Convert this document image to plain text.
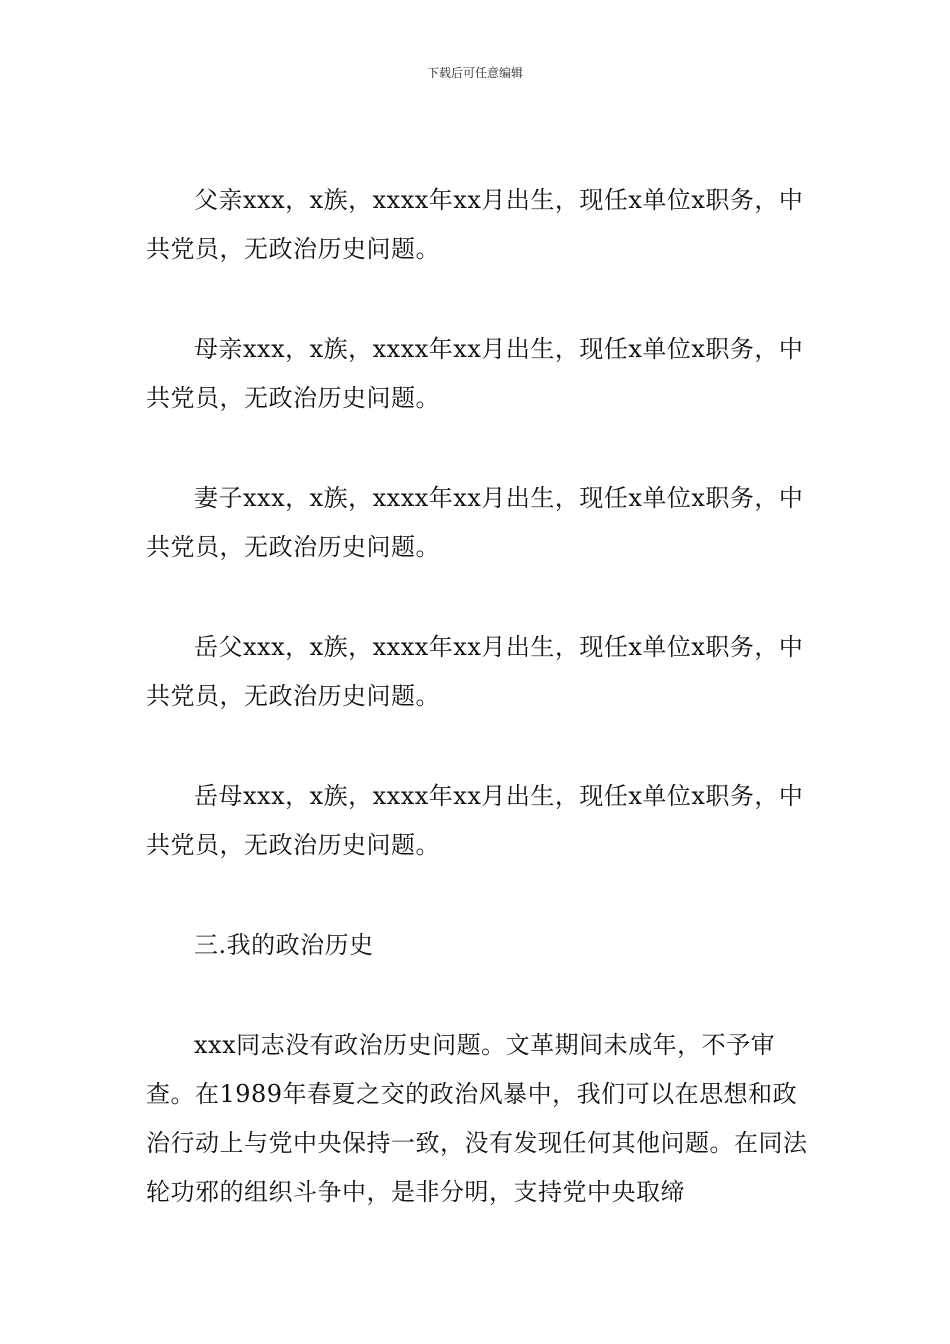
下载后可任意编辑

父亲xxx，x族，xxxx年xx月出生，现任x单位x职务，中共党员，无政治历史问题。

母亲xxx，x族，xxxx年xx月出生，现任x单位x职务，中共党员，无政治历史问题。

妻子xxx，x族，xxxx年xx月出生，现任x单位x职务，中共党员，无政治历史问题。

岳父xxx，x族，xxxx年xx月出生，现任x单位x职务，中共党员，无政治历史问题。

岳母xxx，x族，xxxx年xx月出生，现任x单位x职务，中共党员，无政治历史问题。

三.我的政治历史

xxx同志没有政治历史问题。文革期间未成年，不予审查。在1989年春夏之交的政治风暴中，我们可以在思想和政治行动上与党中央保持一致，没有发现任何其他问题。在同法轮功邪的组织斗争中，是非分明，支持党中央取缔
